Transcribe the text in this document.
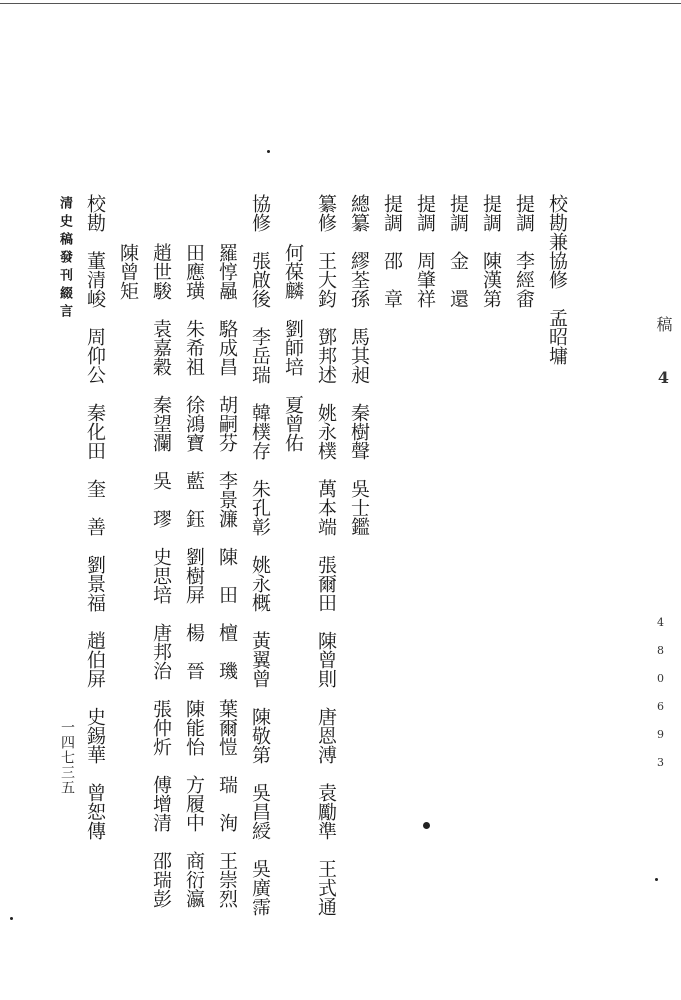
校勘兼協修　孟昭墉
提調　李經畬
提調　陳漢第
提調　金　還
提調　周肇祥
提調　邵　章
總纂　繆荃孫　馬其昶　秦樹聲　吳士鑑
纂修　王大鈞　鄧邦述　姚永樸　萬本端　張爾田　陳曾則　唐恩溥　袁勵準　王式通
何葆麟　劉師培　夏曾佑
協修　張啟後　李岳瑞　韓樸存　朱孔彰　姚永概　黃翼曾　陳敬第　吳昌綬　吳廣霈
羅惇曧　駱成昌　胡嗣芬　李景濂　陳　田　檀　璣　葉爾愷　瑞　洵　王崇烈
田應璜　朱希祖　徐鴻寶　藍　鈺　劉樹屏　楊　晉　陳能怡　方履中　商衍瀛
趙世駿　袁嘉穀　秦望瀾　吳　璆　史思培　唐邦治　張仲炘　傅增清　邵瑞彭
陳曾矩
校勘　董清峻　周仰公　秦化田　奎　善　劉景福　趙伯屏　史錫華　曾恕傳
清史稿發刊綴言
一四七三五
稿
4
4 8 0 6 9 3
